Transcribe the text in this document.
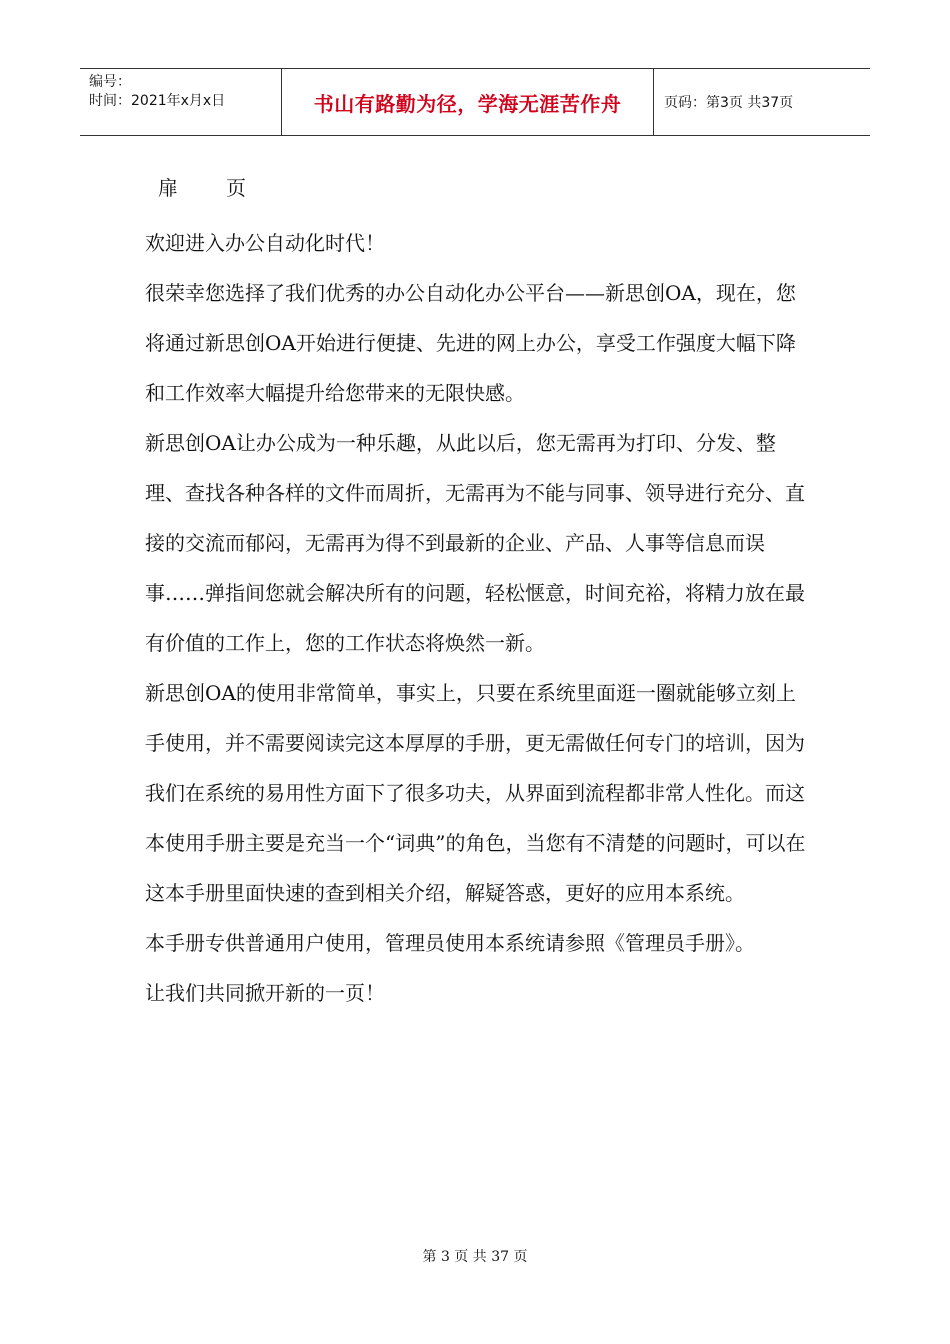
编号：
时间：2021年x月x日	书山有路勤为径，学海无涯苦作舟	页码：第3页 共37页
扉 页

欢迎进入办公自动化时代！

很荣幸您选择了我们优秀的办公自动化办公平台——新思创OA，现在，您将通过新思创OA开始进行便捷、先进的网上办公，享受工作强度大幅下降和工作效率大幅提升给您带来的无限快感。

新思创OA让办公成为一种乐趣，从此以后，您无需再为打印、分发、整理、查找各种各样的文件而周折，无需再为不能与同事、领导进行充分、直接的交流而郁闷，无需再为得不到最新的企业、产品、人事等信息而误事……弹指间您就会解决所有的问题，轻松惬意，时间充裕，将精力放在最有价值的工作上，您的工作状态将焕然一新。

新思创OA的使用非常简单，事实上，只要在系统里面逛一圈就能够立刻上手使用，并不需要阅读完这本厚厚的手册，更无需做任何专门的培训，因为我们在系统的易用性方面下了很多功夫，从界面到流程都非常人性化。而这本使用手册主要是充当一个“词典”的角色，当您有不清楚的问题时，可以在这本手册里面快速的查到相关介绍，解疑答惑，更好的应用本系统。

本手册专供普通用户使用，管理员使用本系统请参照《管理员手册》。

让我们共同掀开新的一页！

第 3 页 共 37 页
